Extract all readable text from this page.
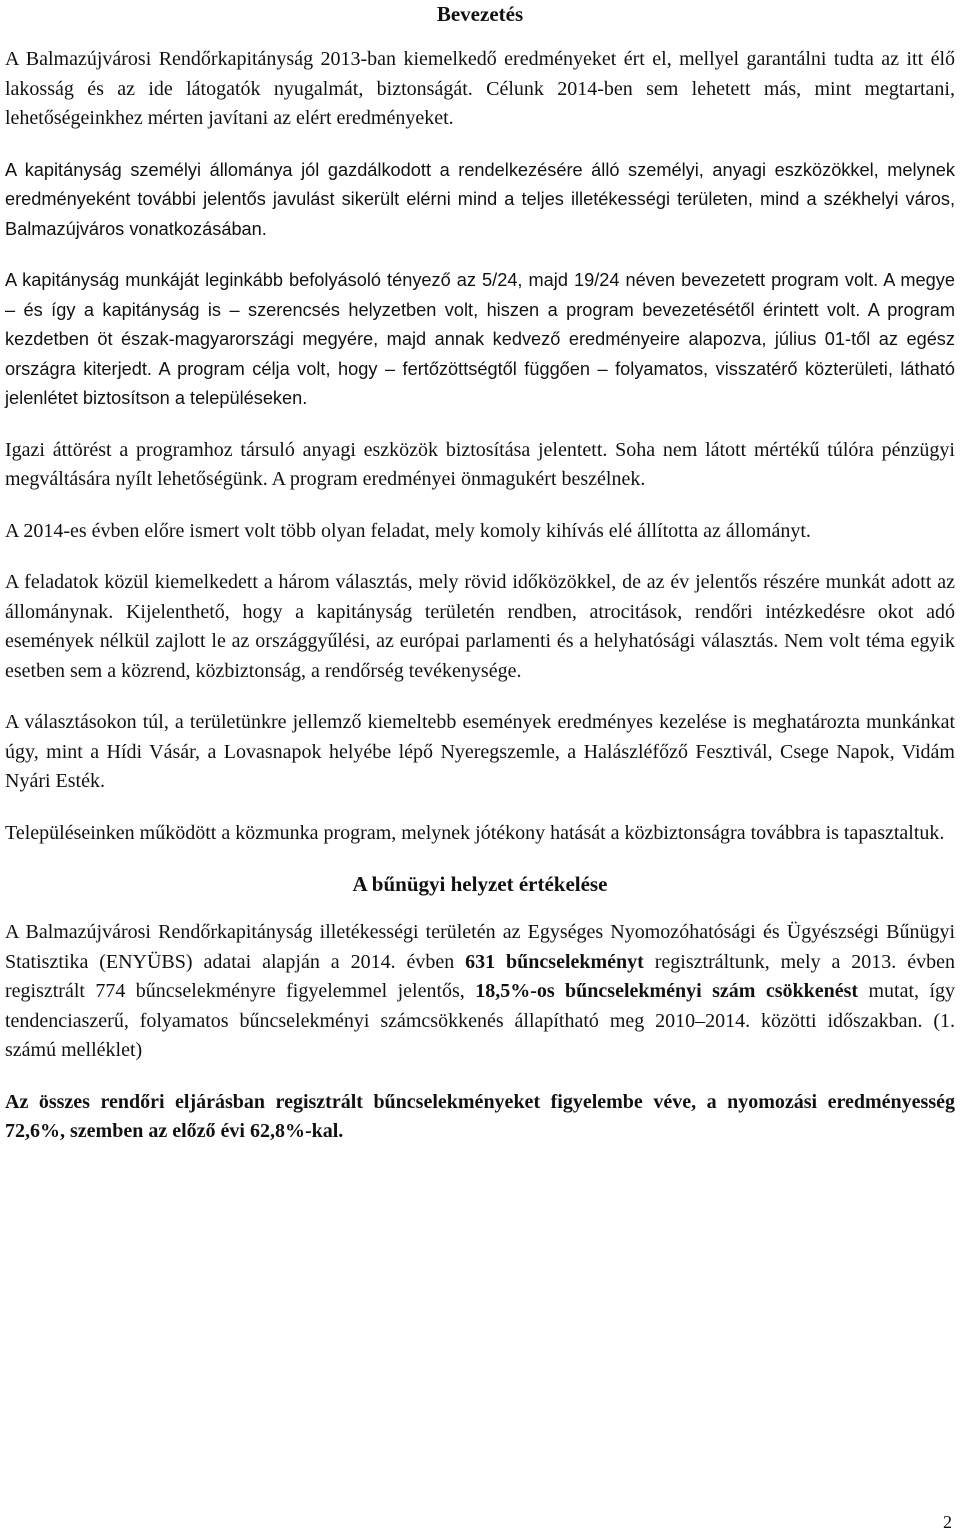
Bevezetés

A Balmazújvárosi Rendőrkapitányság 2013-ban kiemelkedő eredményeket ért el, mellyel garantálni tudta az itt élő lakosság és az ide látogatók nyugalmát, biztonságát. Célunk 2014-ben sem lehetett más, mint megtartani, lehetőségeinkhez mérten javítani az elért eredményeket.

A kapitányság személyi állománya jól gazdálkodott a rendelkezésére álló személyi, anyagi eszközökkel, melynek eredményeként további jelentős javulást sikerült elérni mind a teljes illetékességi területen, mind a székhelyi város, Balmazújváros vonatkozásában.

A kapitányság munkáját leginkább befolyásoló tényező az 5/24, majd 19/24 néven bevezetett program volt. A megye – és így a kapitányság is – szerencsés helyzetben volt, hiszen a program bevezetésétől érintett volt. A program kezdetben öt észak-magyarországi megyére, majd annak kedvező eredményeire alapozva, július 01-től az egész országra kiterjedt. A program célja volt, hogy – fertőzöttségtől függően – folyamatos, visszatérő közterületi, látható jelenlétet biztosítson a településeken.

Igazi áttörést a programhoz társuló anyagi eszközök biztosítása jelentett. Soha nem látott mértékű túlóra pénzügyi megváltására nyílt lehetőségünk. A program eredményei önmagukért beszélnek.

A 2014-es évben előre ismert volt több olyan feladat, mely komoly kihívás elé állította az állományt.

A feladatok közül kiemelkedett a három választás, mely rövid időközökkel, de az év jelentős részére munkát adott az állománynak. Kijelenthető, hogy a kapitányság területén rendben, atrocitások, rendőri intézkedésre okot adó események nélkül zajlott le az országgyűlési, az európai parlamenti és a helyhatósági választás. Nem volt téma egyik esetben sem a közrend, közbiztonság, a rendőrség tevékenysége.

A választásokon túl, a területünkre jellemző kiemeltebb események eredményes kezelése is meghatározta munkánkat úgy, mint a Hídi Vásár, a Lovasnapok helyébe lépő Nyeregszemle, a Halászléfőző Fesztivál, Csege Napok, Vidám Nyári Esték.

Településeinken működött a közmunka program, melynek jótékony hatását a közbiztonságra továbbra is tapasztaltuk.

A bűnügyi helyzet értékelése

A Balmazújvárosi Rendőrkapitányság illetékességi területén az Egységes Nyomozóhatósági és Ügyészségi Bűnügyi Statisztika (ENYÜBS) adatai alapján a 2014. évben 631 bűncselekményt regisztráltunk, mely a 2013. évben regisztrált 774 bűncselekményre figyelemmel jelentős, 18,5%-os bűncselekményi szám csökkenést mutat, így tendenciaszerű, folyamatos bűncselekményi számcsökkenés állapítható meg 2010–2014. közötti időszakban. (1. számú melléklet)

Az összes rendőri eljárásban regisztrált bűncselekményeket figyelembe véve, a nyomozási eredményesség 72,6%, szemben az előző évi 62,8%-kal.

2
